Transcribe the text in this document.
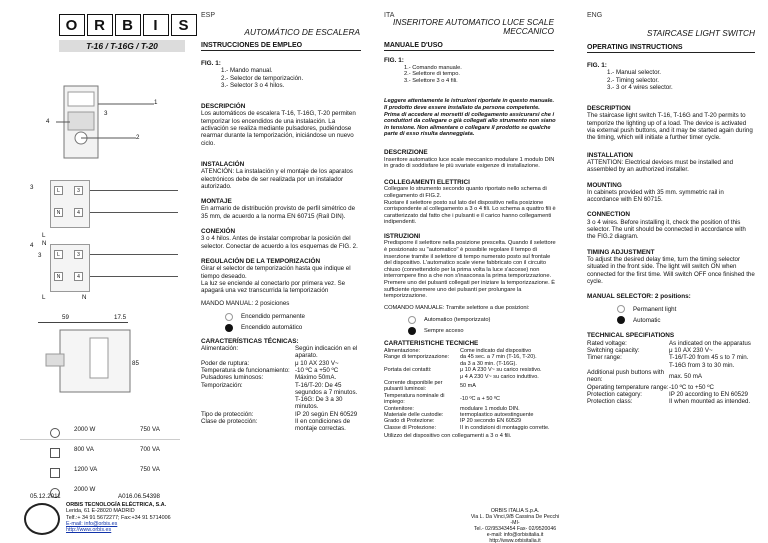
O	R	B	I	S
T-16 / T-16G / T-20
1
2
3
4
3	L	3
N	4
L
N
4
3	L	3
N	4
L	N
59	17.5
85
2000 W	750 VA
800 VA	700 VA
1200 VA	750 VA
2000 W
05.12.2011	A016.06.54398
ORBIS TECNOLOGÍA ELÉCTRICA, S.A.
Lerida, 61 E-28020 MADRID
Telf.:+ 34 91 5672277; Fax:+34 91 5714006
E-mail: info@orbis.es
http://www.orbis.es
ESP
AUTOMÁTICO DE ESCALERA
INSTRUCCIONES DE EMPLEO
FIG. 1:
1.- Mando manual.
2.- Selector de temporización.
3.- Selector 3 o 4 hilos.
DESCRIPCIÓN
Los automáticos de escalera T-16, T-16G, T-20 permiten temporizar los encendidos de una instalación. La activación se realiza mediante pulsadores, pudiéndose rearmar durante la temporización, iniciándose un nuevo ciclo.
INSTALACIÓN
ATENCIÓN: La instalación y el montaje de los aparatos electrónicos debe de ser realizada por un instalador autorizado.
MONTAJE
En armario de distribución provisto de perfil simétrico de 35 mm, de acuerdo a la norma EN 60715 (Raíl DIN).
CONEXIÓN
3 o 4 hilos. Antes de instalar comprobar la posición del selector. Conectar de acuerdo a los esquemas de FIG. 2.
REGULACIÓN DE LA TEMPORIZACIÓN
Girar el selector de temporización hasta que indique el tiempo deseado.
La luz se enciende al conectarlo por primera vez. Se apagará una vez transcurrida la temporización
MANDO MANUAL: 2 posiciones
Encendido permanente
Encendido automático
CARACTERÍSTICAS TÉCNICAS:
Alimentación:	Según indicación en el aparato.
Poder de ruptura:	μ 10 AX 230 V~
Temperatura de funcionamiento:	-10 ºC a +50 ºC
Pulsadores luminosos:	Máximo 50mA.
Temporización:	T-16/T-20: De 45 segundos a 7 minutos.
T-16G: De 3 a 30 minutos.
Tipo de protección:	IP 20 según EN 60529
Clase de protección:	II en condiciones de montaje correctas.
ITA
INSERITORE AUTOMATICO LUCE SCALE
MECCANICO
MANUALE D'USO
FIG. 1:
1.- Comando manuale.
2.- Selettore di tempo.
3.- Selettore 3 o 4 fili.
Leggere attentamente le istruzioni riportate in questo manuale. Il prodotto deve essere installato da persona competente. Prima di accedere ai morsetti di collegamento assicurarsi che i conduttori da collegare o già collegati allo strumento non siano in tensione. Non alimentare o collegare il prodotto se qualche parte di esso risulta danneggiata.
DESCRIZIONE
Inseritore automatico luce scale meccanico modulare 1 modulo DIN in grado di soddisfare le più svariate esigenze di installazione.
COLLEGAMENTI ELETTRICI
Collegare lo strumento secondo quanto riportato nello schema di collegamento di FIG.2.
Ruotare il selettore posto sul lato del dispositivo nella posizione corrispondente al collegamento a 3 o 4 fili. Lo schema a quattro fili è caratterizzato dal fatto che i pulsanti e il carico hanno collegamenti indipendenti.
ISTRUZIONI
Predisporre il selettore nella posizione prescelta. Quando il selettore è posizionato su "automatico" è possibile regolare il tempo di inserzione tramite il selettore di tempo numerato posto sul frontale del dispositivo. L'automatico scale viene fabbricato con il circuito chiuso (connettendolo per la prima volta la luce s'accese) non interrompere fino a che non s'inasconsa la prima temporizzazione. Premere uno dei pulsanti collegati per iniziare la temporizzazione. È sufficiente ripremere uno dei pulsanti per prolungare la temporizzazione.
COMANDO MANUALE: Tramite selettore a due posizioni:
Automatico (temporizzato)
Sempre acceso
CARATTERISTICHE TECNICHE
Alimentazione:	Come indicato dal dispositivo
Range di temporizzazione:	da 45 sec. a 7 min (T-16, T-20).
da 3 a 30 min. (T-16G).
Portata dei contatti:	μ 10 A 230 V~ su carico resistivo.
μ 4 A 230 V~ su carico induttivo.
Corrente disponibile per pulsanti luminosi:	50 mA
Temperatura nominale di impiego:	-10 ºC a + 50 ºC
Contenitore:	modulare 1 modulo DIN.
Materiale delle custodie:	termoplastico autoestinguente
Grado di Protezione:	IP 20 secondo EN 60529
Classe di Protezione:	II in condizioni di montaggio corrette.
Utilizzo del dispositivo con collegamenti a 3 o 4 fili.
ORBIS ITALIA S.p.A.
Via L. Da Vinci,9/B Cassina De Pecchi -MI-
Tel.- 02/95343454 Fax- 02/9520046
e-mail: info@orbisitalia.it
http://www.orbisitalia.it
ENG
STAIRCASE LIGHT SWITCH
OPERATING INSTRUCTIONS
FIG. 1:
1.- Manual selector.
2.- Timing selector.
3.- 3 or 4 wires selector.
DESCRIPTION
The staircase light switch T-16, T-16G and T-20 permits to temporize the lighting up of a load. The device is activated via external push buttons, and it may be started again during the timing, which will initiate a further timer cycle.
INSTALLATION
ATTENTION: Electrical devices must be installed and assembled by an authorized installer.
MOUNTING
In cabinets provided with 35 mm. symmetric rail in accordance with EN 60715.
CONNECTION
3 o 4 wires. Before installing it, check the position of this selector. The unit should be connected in accordance with the FIG.2 diagram.
TIMING ADJUSTMENT
To adjust the desired delay time, turn the timing selector situated in the front side. The light will switch ON when connected for the first time. Will switch OFF once finished the cycle.
MANUAL SELECTOR: 2 positions:
Permanent light
Automatic
TECHNICAL SPECIFIATIONS
Rated voltage:	As indicated on the apparatus
Switching capacity:	μ 10 AX 230 V~
Timer range:	T-16/T-20 from 45 s to 7 min.
T-16G from 3 to 30 min.
Additional push buttons with neon:	max. 50 mA
Operating temperature range:	-10 ºC to +50 ºC
Protection category:	IP 20 according to EN 60529
Protection class:	II when mounted as intended.
